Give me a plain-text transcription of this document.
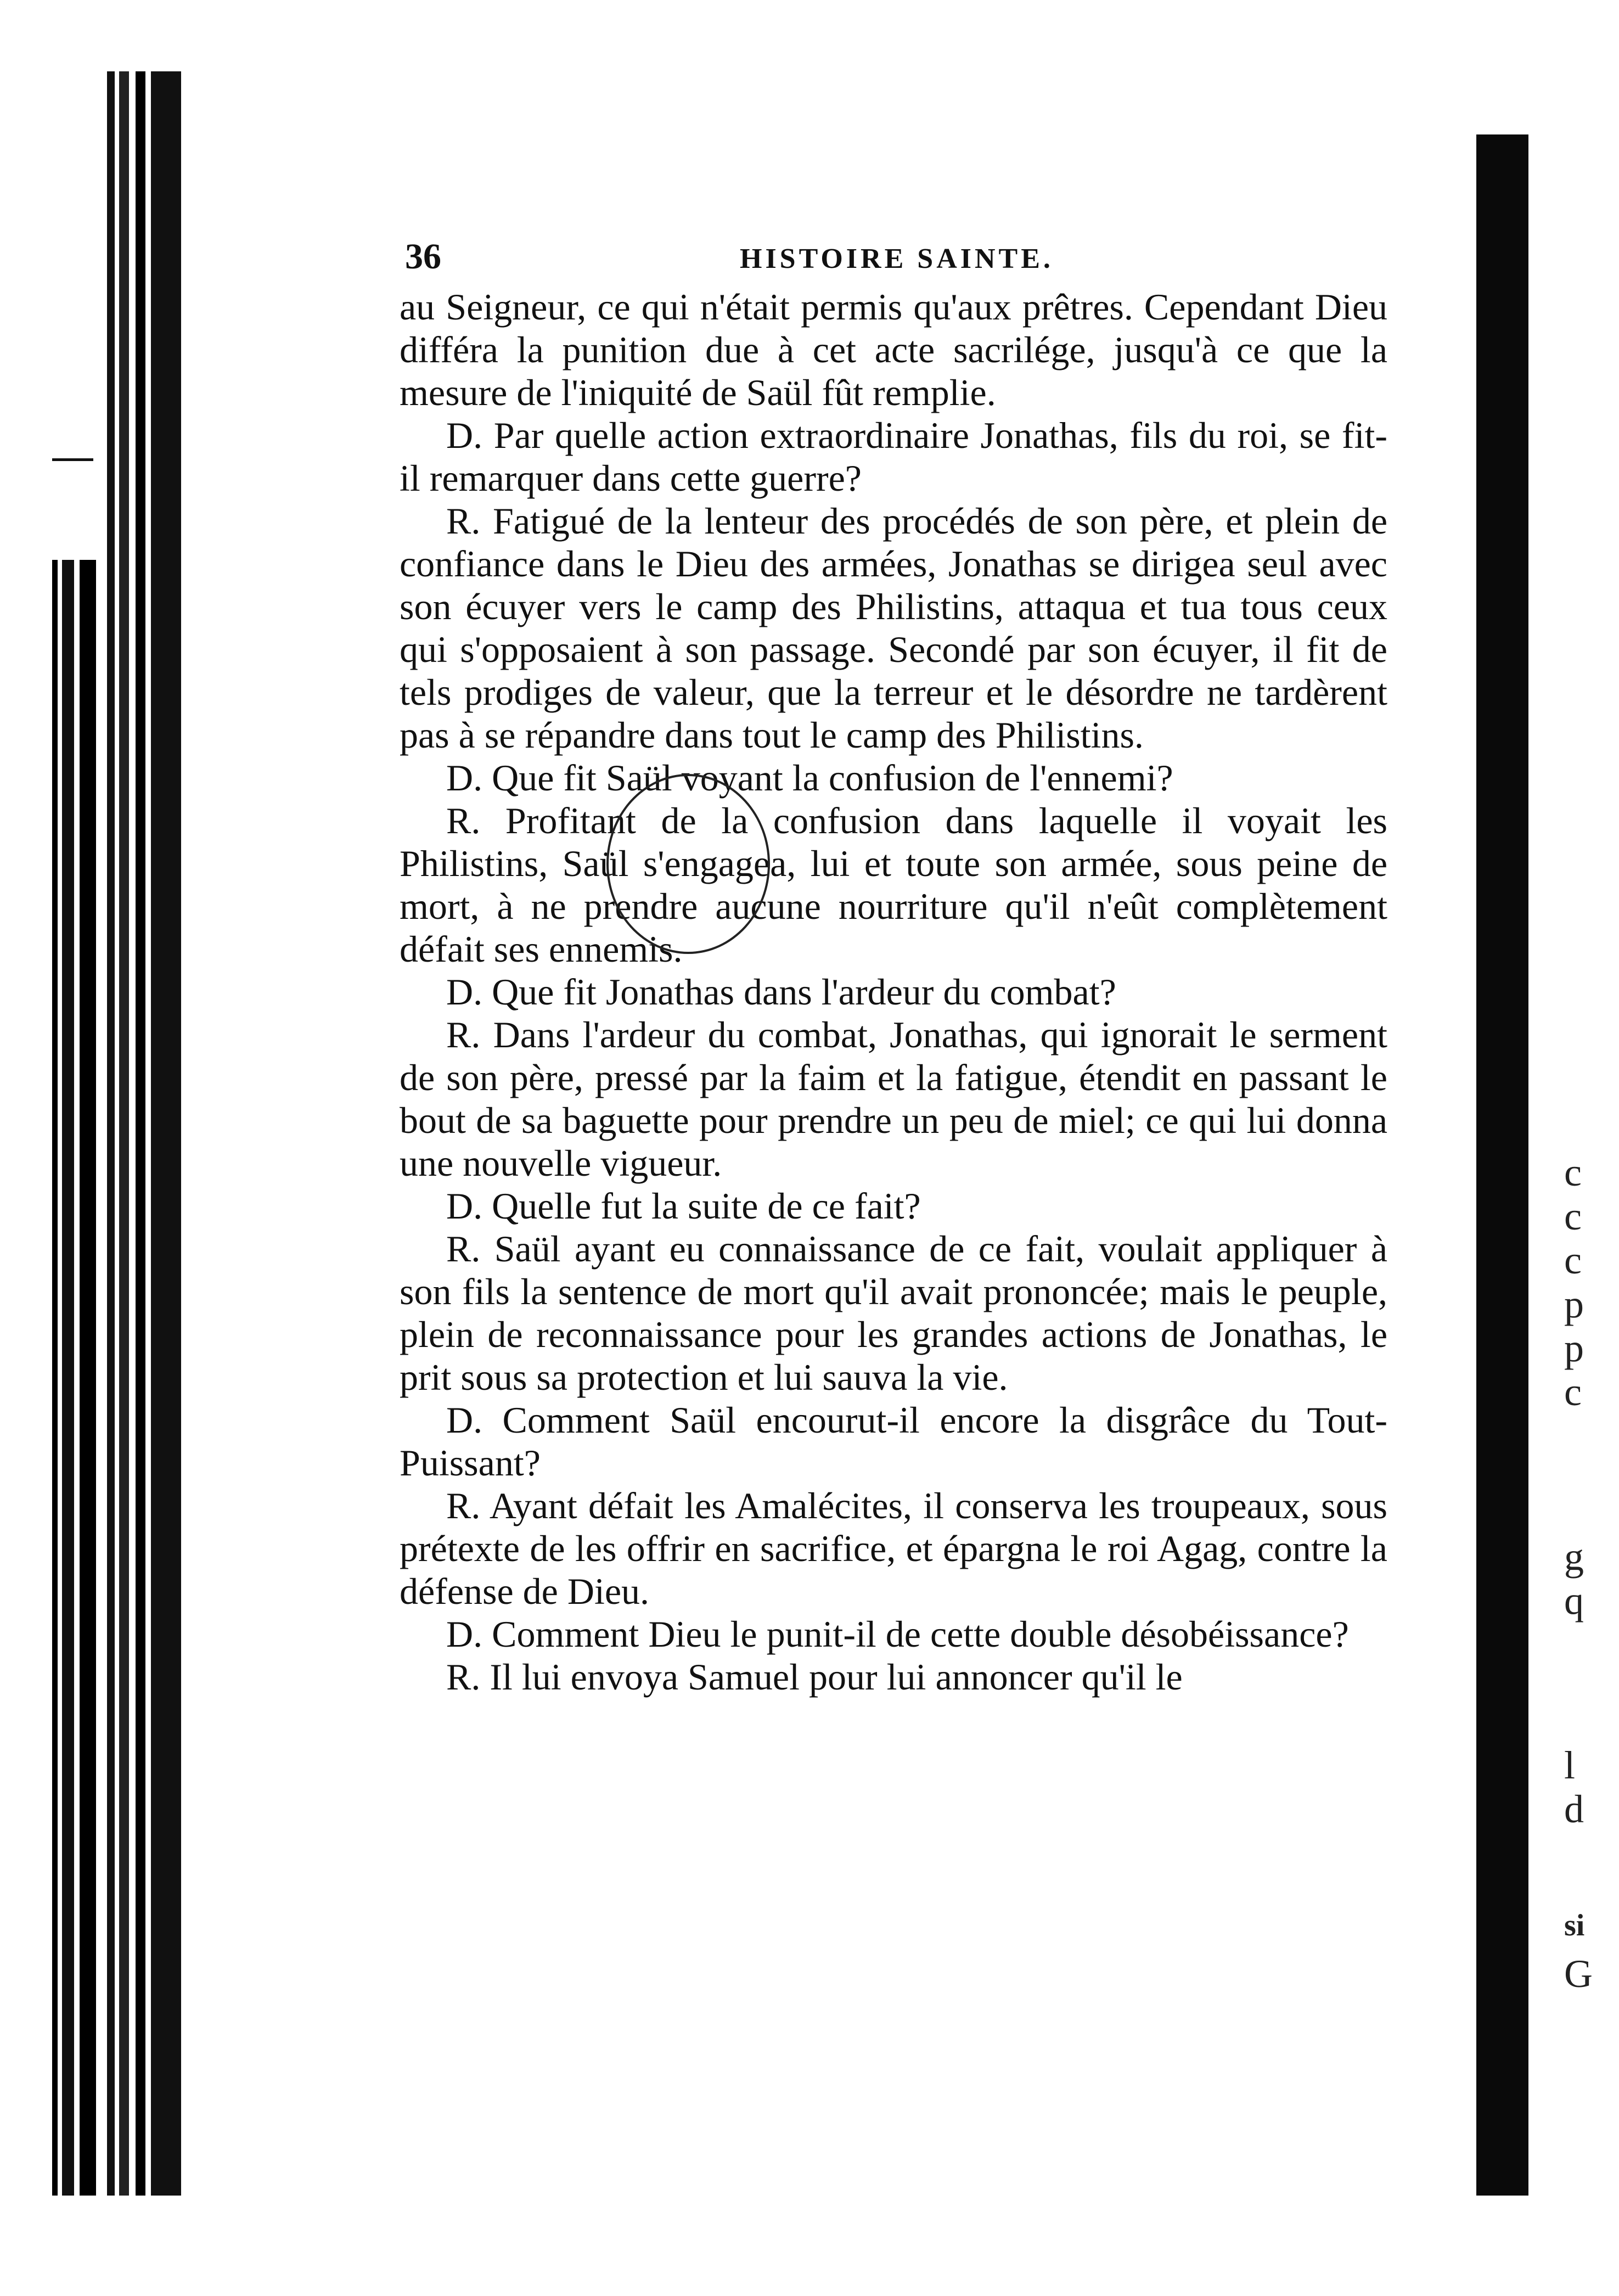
c
c
c
p
p
c
g
q
l
d
si
G
36	HISTOIRE SAINTE.

au Seigneur, ce qui n'était permis qu'aux prêtres. Cependant Dieu différa la punition due à cet acte sacrilége, jusqu'à ce que la mesure de l'iniquité de Saül fût remplie.

D. Par quelle action extraordinaire Jonathas, fils du roi, se fit-il remarquer dans cette guerre?

R. Fatigué de la lenteur des procédés de son père, et plein de confiance dans le Dieu des armées, Jonathas se dirigea seul avec son écuyer vers le camp des Philistins, attaqua et tua tous ceux qui s'opposaient à son passage. Secondé par son écuyer, il fit de tels prodiges de valeur, que la terreur et le désordre ne tardèrent pas à se répandre dans tout le camp des Philistins.

D. Que fit Saül voyant la confusion de l'ennemi?

R. Profitant de la confusion dans laquelle il voyait les Philistins, Saül s'engagea, lui et toute son armée, sous peine de mort, à ne prendre aucune nourriture qu'il n'eût complètement défait ses ennemis.

D. Que fit Jonathas dans l'ardeur du combat?

R. Dans l'ardeur du combat, Jonathas, qui ignorait le serment de son père, pressé par la faim et la fatigue, étendit en passant le bout de sa baguette pour prendre un peu de miel; ce qui lui donna une nouvelle vigueur.

D. Quelle fut la suite de ce fait?

R. Saül ayant eu connaissance de ce fait, voulait appliquer à son fils la sentence de mort qu'il avait prononcée; mais le peuple, plein de reconnaissance pour les grandes actions de Jonathas, le prit sous sa protection et lui sauva la vie.

D. Comment Saül encourut-il encore la disgrâce du Tout-Puissant?

R. Ayant défait les Amalécites, il conserva les troupeaux, sous prétexte de les offrir en sacrifice, et épargna le roi Agag, contre la défense de Dieu.

D. Comment Dieu le punit-il de cette double désobéissance?

R. Il lui envoya Samuel pour lui annoncer qu'il le
